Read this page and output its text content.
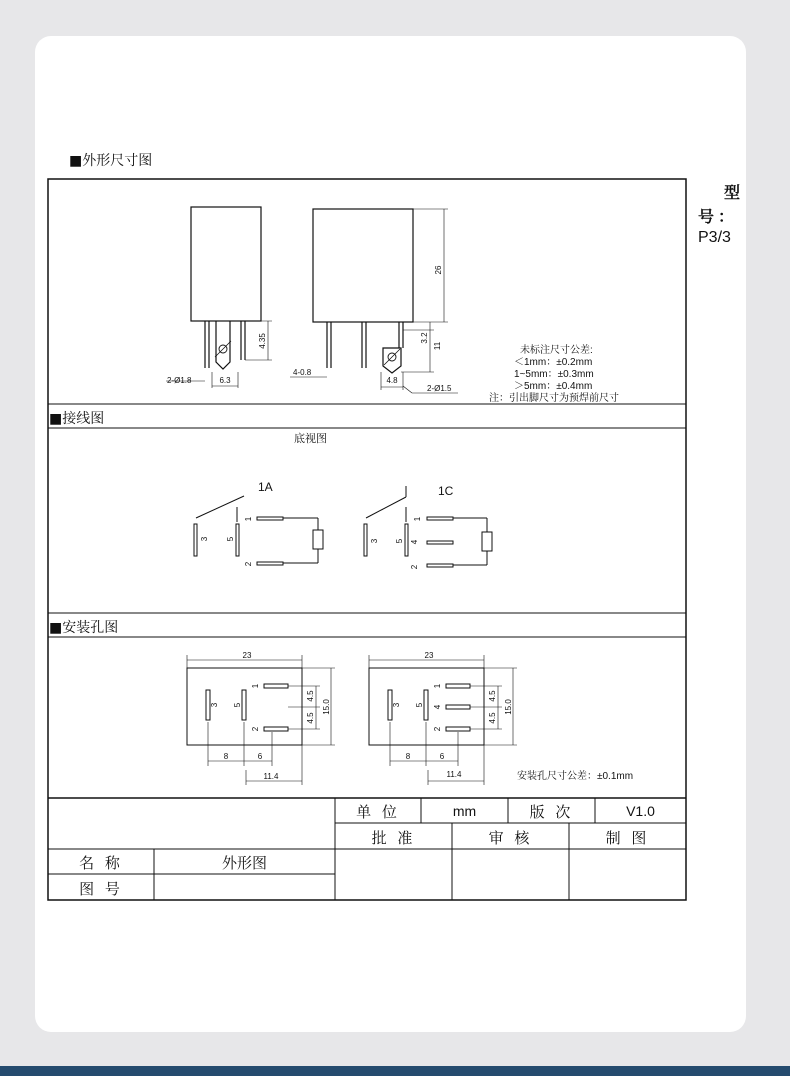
型
号：
P3/3
■外形尺寸图
■接线图
■安装孔图
4.35
2-Ø1.8	6.3
26
3.2
11
4-0.8
4.8
2-Ø1.5
1A	1C
3 5
1
2
3 5 4
1
2
23
15.0
4.5
4.5
8	6
11.4
3 5
1
2
23
15.0
4.5
4.5
8	6
11.4
3 5 4
1
2
未标注尺寸公差:
＜1mm：±0.2mm
1~5mm：±0.3mm
＞5mm：±0.4mm
注：引出脚尺寸为预焊前尺寸
底视图
安装孔尺寸公差：±0.1mm
单 位	mm	版 次	V1.0
批 准	审 核	制 图
名 称	外形图
图 号
